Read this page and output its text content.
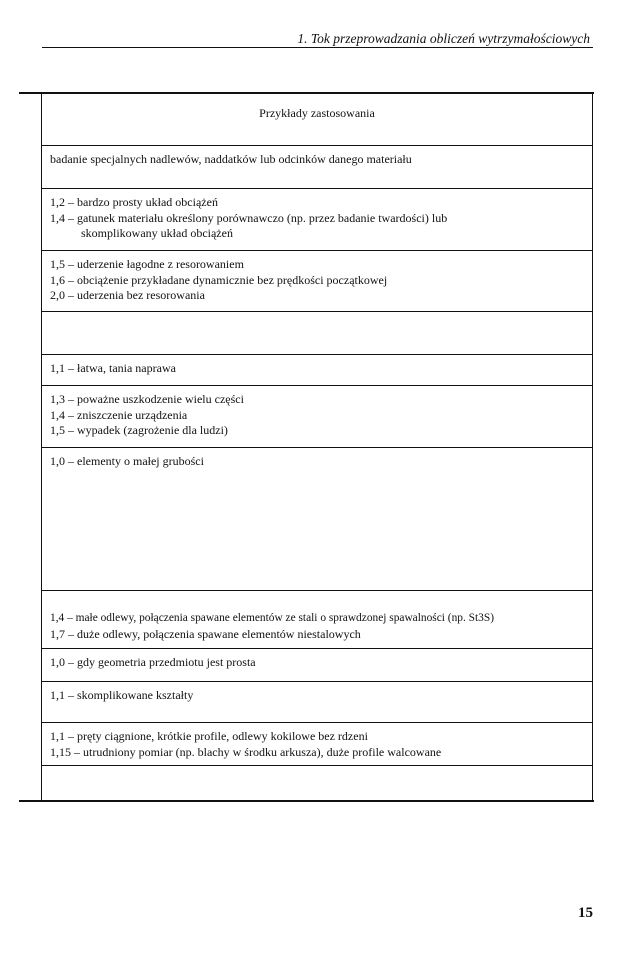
1. Tok przeprowadzania obliczeń wytrzymałościowych
Przykłady zastosowania
badanie specjalnych nadlewów, naddatków lub odcinków danego materiału
1,2 – bardzo prosty układ obciążeń
1,4 – gatunek materiału określony porównawczo (np. przez badanie twardości) lub
skomplikowany układ obciążeń
1,5 – uderzenie łagodne z resorowaniem
1,6 – obciążenie przykładane dynamicznie bez prędkości początkowej
2,0 – uderzenia bez resorowania
1,1 – łatwa, tania naprawa
1,3 – poważne uszkodzenie wielu części
1,4 – zniszczenie urządzenia
1,5 – wypadek (zagrożenie dla ludzi)
1,0 – elementy o małej grubości
1,4 – małe odlewy, połączenia spawane elementów ze stali o sprawdzonej spawalności (np. St3S)
1,7 – duże odlewy, połączenia spawane elementów niestalowych
1,0 – gdy geometria przedmiotu jest prosta
1,1 – skomplikowane kształty
1,1 – pręty ciągnione, krótkie profile, odlewy kokilowe bez rdzeni
1,15 – utrudniony pomiar (np. blachy w środku arkusza), duże profile walcowane
15
